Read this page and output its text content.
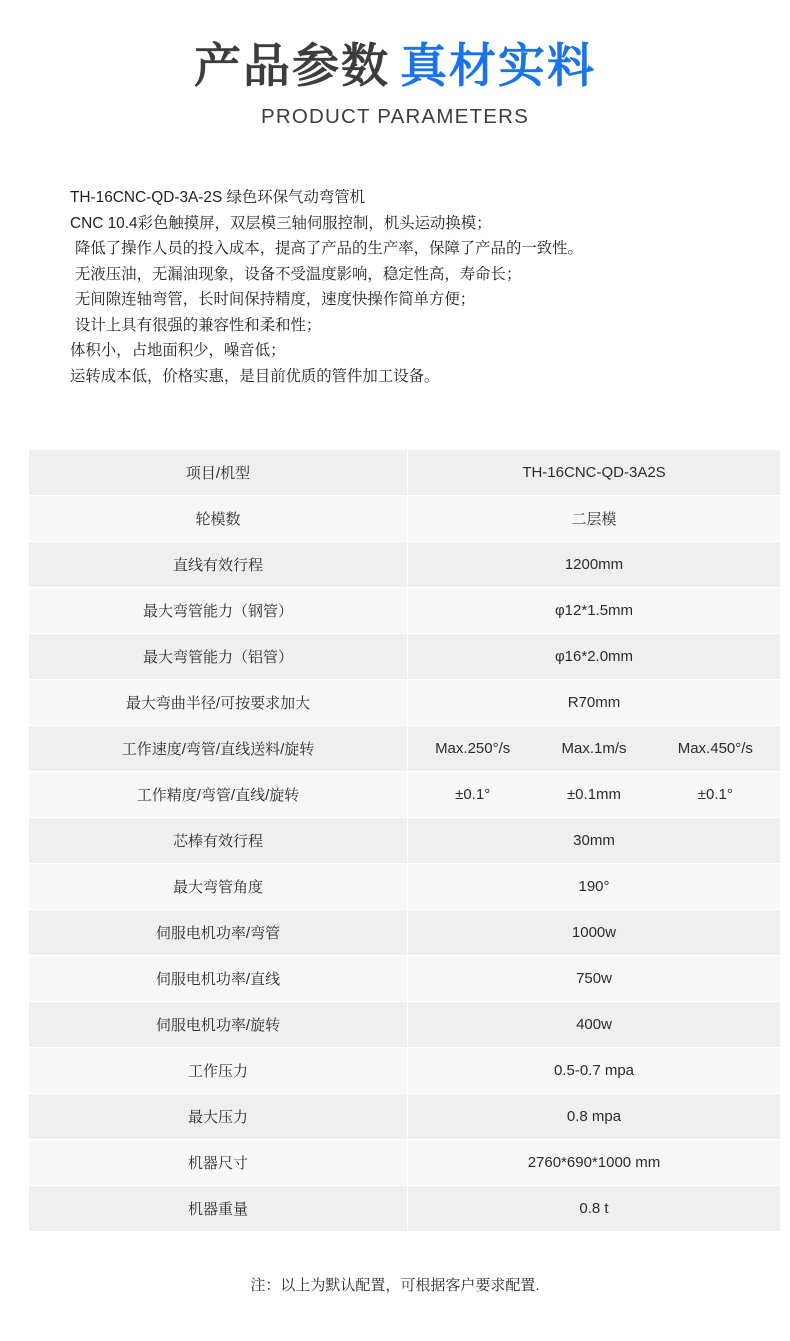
产品参数 真材实料
PRODUCT PARAMETERS
TH-16CNC-QD-3A-2S 绿色环保气动弯管机
CNC 10.4彩色触摸屏，双层模三轴伺服控制，机头运动换模；
降低了操作人员的投入成本，提高了产品的生产率，保障了产品的一致性。
无液压油，无漏油现象，设备不受温度影响，稳定性高，寿命长；
无间隙连轴弯管，长时间保持精度，速度快操作简单方便；
设计上具有很强的兼容性和柔和性；
体积小，占地面积少，噪音低；
运转成本低，价格实惠，是目前优质的管件加工设备。
项目/机型	TH-16CNC-QD-3A2S
轮模数	二层模
直线有效行程	1200mm
最大弯管能力（钢管）	φ12*1.5mm
最大弯管能力（铝管）	φ16*2.0mm
最大弯曲半径/可按要求加大	R70mm
工作速度/弯管/直线送料/旋转	Max.250°/s Max.1m/s Max.450°/s

工作精度/弯管/直线/旋转	±0.1° ±0.1mm ±0.1°

芯棒有效行程	30mm
最大弯管角度	190°
伺服电机功率/弯管	1000w
伺服电机功率/直线	750w
伺服电机功率/旋转	400w
工作压力	0.5-0.7 mpa
最大压力	0.8 mpa
机器尺寸	2760*690*1000 mm
机器重量	0.8 t
注：以上为默认配置，可根据客户要求配置.
